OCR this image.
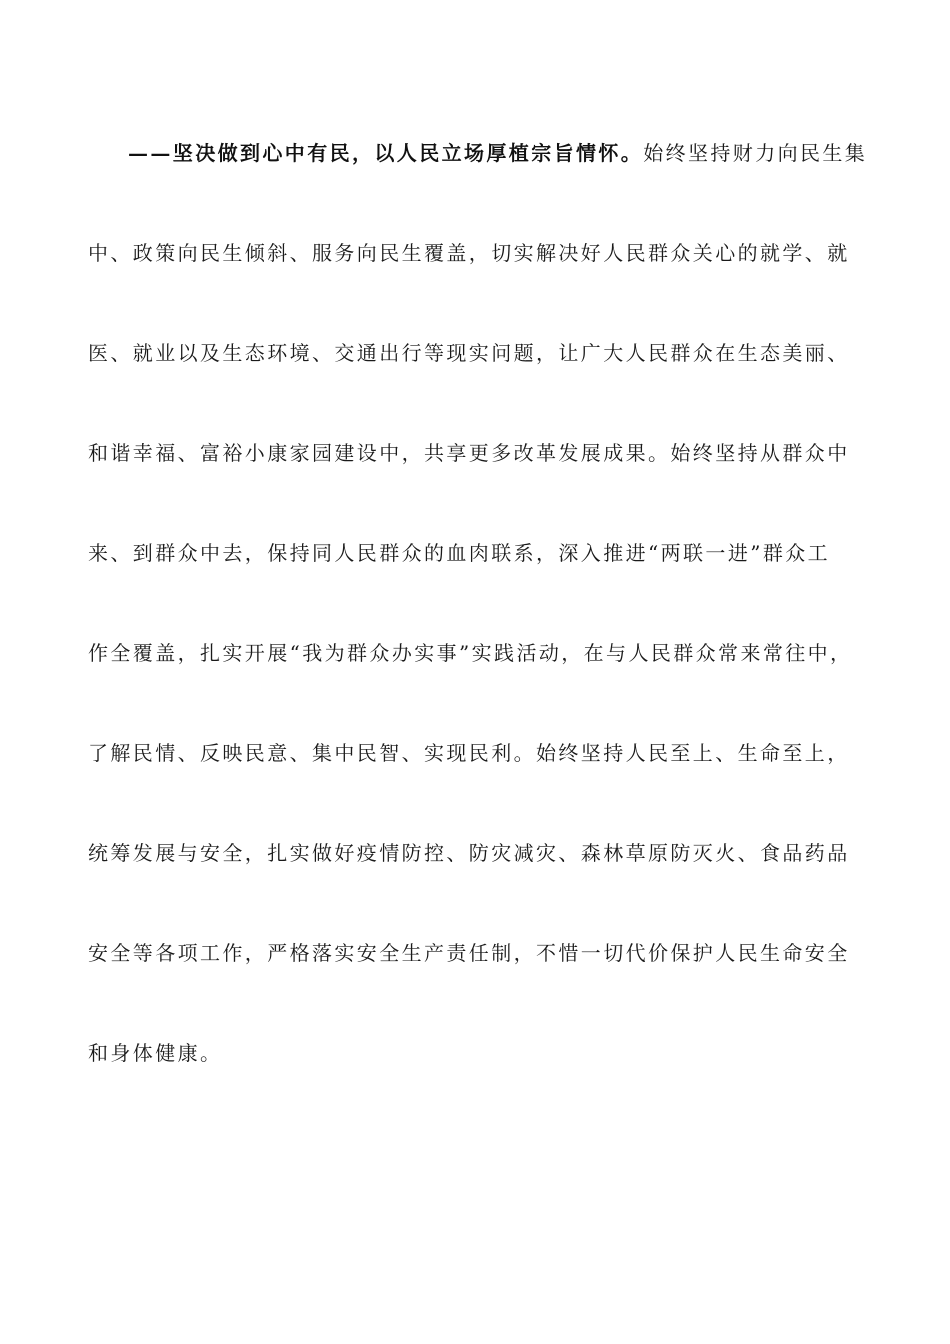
——坚决做到心中有民，以人民立场厚植宗旨情怀。始终坚持财力向民生集
中、政策向民生倾斜、服务向民生覆盖，切实解决好人民群众关心的就学、就
医、就业以及生态环境、交通出行等现实问题，让广大人民群众在生态美丽、
和谐幸福、富裕小康家园建设中，共享更多改革发展成果。始终坚持从群众中
来、到群众中去，保持同人民群众的血肉联系，深入推进“两联一进”群众工
作全覆盖，扎实开展“我为群众办实事”实践活动，在与人民群众常来常往中，
了解民情、反映民意、集中民智、实现民利。始终坚持人民至上、生命至上，
统筹发展与安全，扎实做好疫情防控、防灾减灾、森林草原防灭火、食品药品
安全等各项工作，严格落实安全生产责任制，不惜一切代价保护人民生命安全
和身体健康。
